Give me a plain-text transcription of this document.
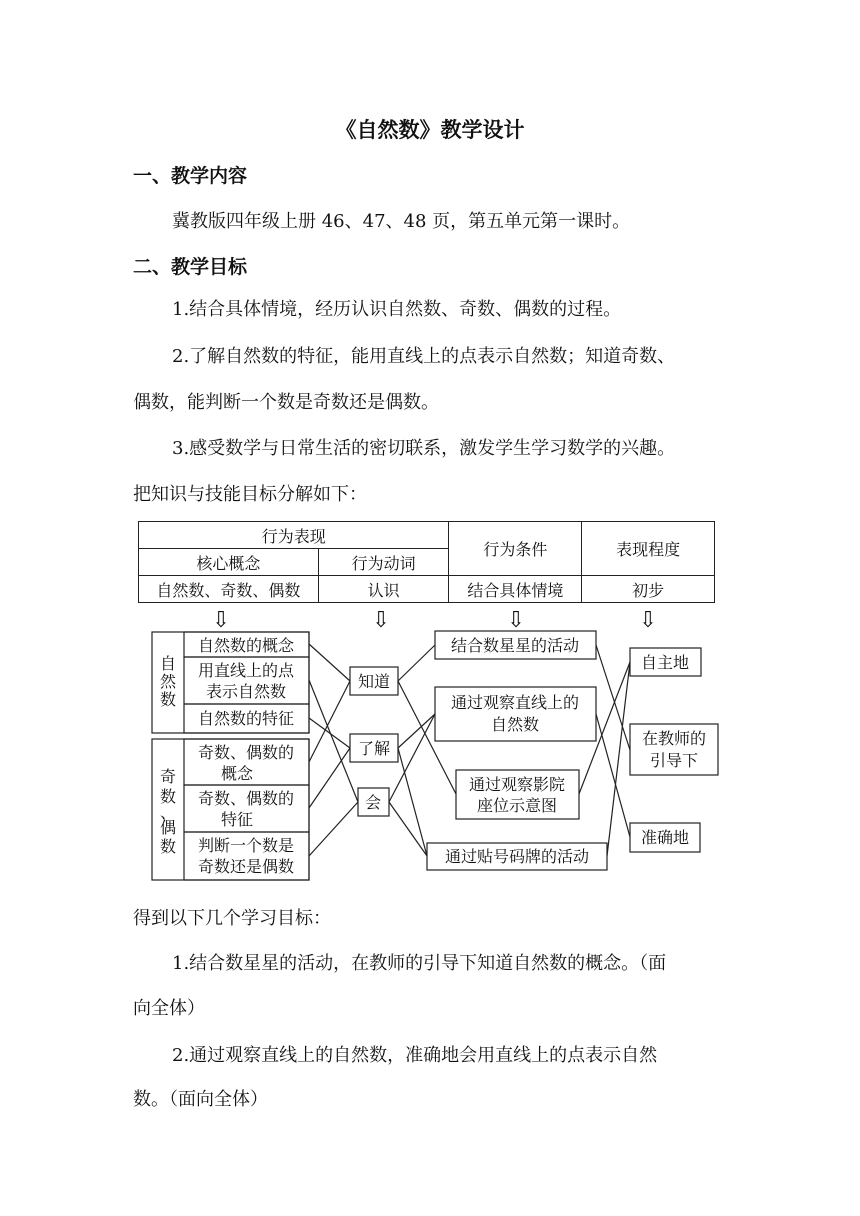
《自然数》教学设计
一、教学内容
冀教版四年级上册 46、47、48 页，第五单元第一课时。
二、教学目标
1.结合具体情境，经历认识自然数、奇数、偶数的过程。
2.了解自然数的特征，能用直线上的点表示自然数；知道奇数、
偶数，能判断一个数是奇数还是偶数。
3.感受数学与日常生活的密切联系，激发学生学习数学的兴趣。
把知识与技能目标分解如下：
行为表现		行为条件	表现程度
核心概念	行为动词		
自然数、奇数、偶数	认识	结合具体情境	初步
⇩	⇩	⇩	⇩
自
然
数
奇
数
、
偶
数
自然数的概念
用直线上的点
表示自然数
自然数的特征
奇数、偶数的
概念
奇数、偶数的
特征
判断一个数是
奇数还是偶数
知道
了解
会
结合数星星的活动
通过观察直线上的
自然数
通过观察影院
座位示意图
通过贴号码牌的活动
自主地
在教师的
引导下
准确地
得到以下几个学习目标：
1.结合数星星的活动，在教师的引导下知道自然数的概念。（面
向全体）
2.通过观察直线上的自然数，准确地会用直线上的点表示自然
数。（面向全体）
